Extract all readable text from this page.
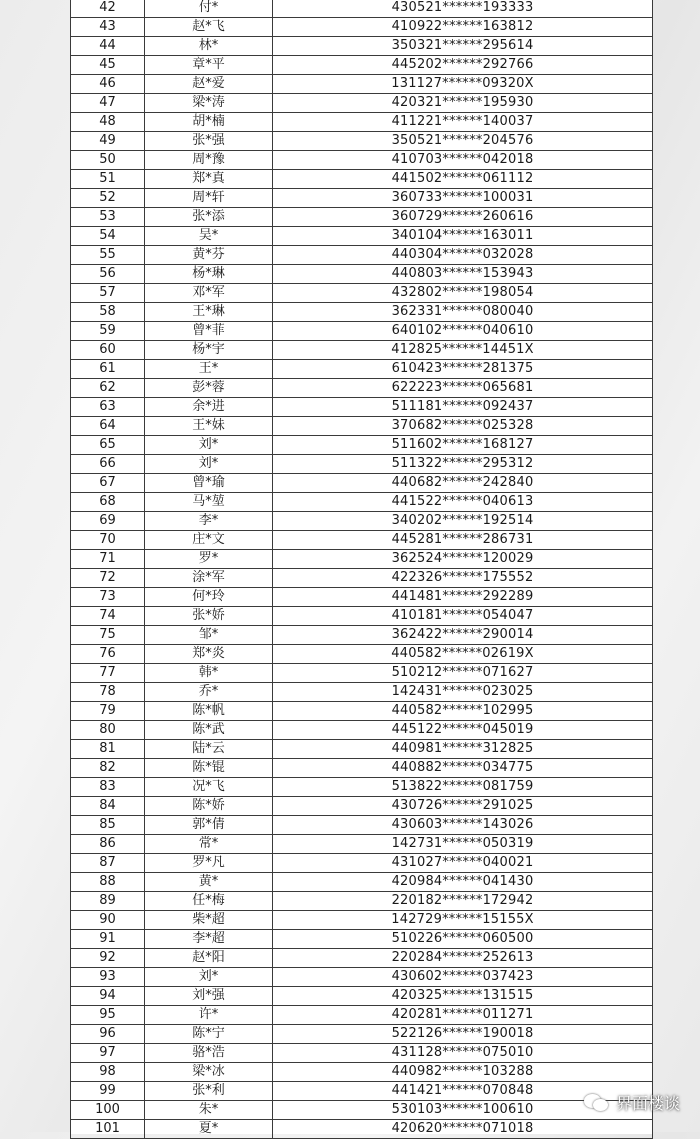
42	付*	430521******193333
43	赵*飞	410922******163812
44	林*	350321******295614
45	章*平	445202******292766
46	赵*爱	131127******09320X
47	梁*涛	420321******195930
48	胡*楠	411221******140037
49	张*强	350521******204576
50	周*豫	410703******042018
51	郑*真	441502******061112
52	周*轩	360733******100031
53	张*添	360729******260616
54	吴*	340104******163011
55	黄*芬	440304******032028
56	杨*琳	440803******153943
57	邓*军	432802******198054
58	王*琳	362331******080040
59	曾*菲	640102******040610
60	杨*宇	412825******14451X
61	王*	610423******281375
62	彭*蓉	622223******065681
63	余*进	511181******092437
64	王*妹	370682******025328
65	刘*	511602******168127
66	刘*	511322******295312
67	曾*瑜	440682******242840
68	马*堃	441522******040613
69	李*	340202******192514
70	庄*文	445281******286731
71	罗*	362524******120029
72	涂*军	422326******175552
73	何*玲	441481******292289
74	张*娇	410181******054047
75	邹*	362422******290014
76	郑*炎	440582******02619X
77	韩*	510212******071627
78	乔*	142431******023025
79	陈*帆	440582******102995
80	陈*武	445122******045019
81	陆*云	440981******312825
82	陈*锟	440882******034775
83	况*飞	513822******081759
84	陈*娇	430726******291025
85	郭*倩	430603******143026
86	常*	142731******050319
87	罗*凡	431027******040021
88	黄*	420984******041430
89	任*梅	220182******172942
90	柴*超	142729******15155X
91	李*超	510226******060500
92	赵*阳	220284******252613
93	刘*	430602******037423
94	刘*强	420325******131515
95	许*	420281******011271
96	陈*宁	522126******190018
97	骆*浩	431128******075010
98	梁*冰	440982******103288
99	张*利	441421******070848
100	朱*	530103******100610
101	夏*	420620******071018
界面楼谈
